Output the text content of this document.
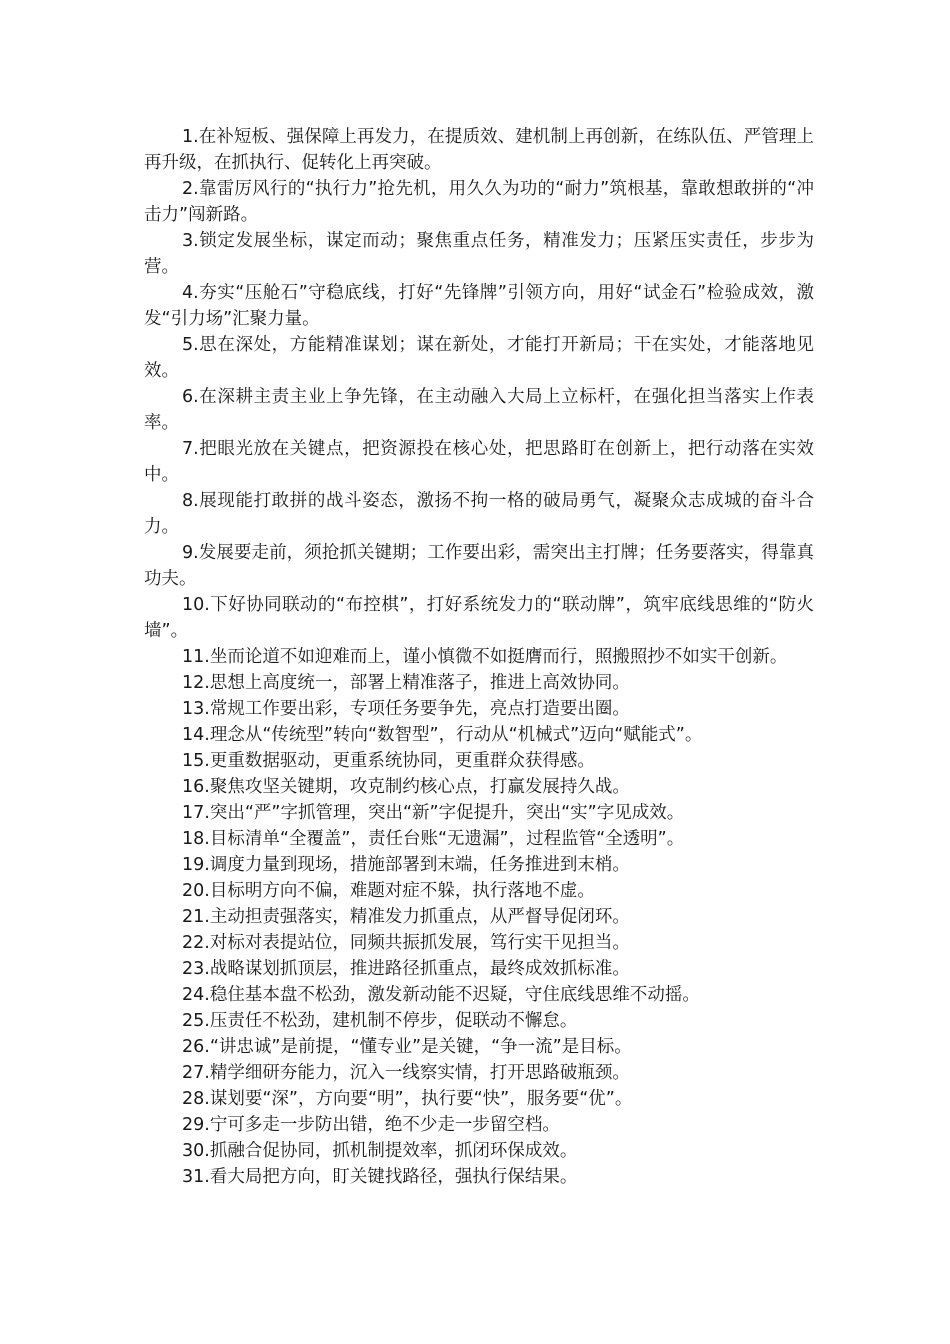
1.在补短板、强保障上再发力，在提质效、建机制上再创新，在练队伍、严管理上再升级，在抓执行、促转化上再突破。

2.靠雷厉风行的“执行力”抢先机，用久久为功的“耐力”筑根基，靠敢想敢拼的“冲击力”闯新路。

3.锁定发展坐标，谋定而动；聚焦重点任务，精准发力；压紧压实责任，步步为营。

4.夯实“压舱石”守稳底线，打好“先锋牌”引领方向，用好“试金石”检验成效，激发“引力场”汇聚力量。

5.思在深处，方能精准谋划；谋在新处，才能打开新局；干在实处，才能落地见效。

6.在深耕主责主业上争先锋，在主动融入大局上立标杆，在强化担当落实上作表率。

7.把眼光放在关键点，把资源投在核心处，把思路盯在创新上，把行动落在实效中。

8.展现能打敢拼的战斗姿态，激扬不拘一格的破局勇气，凝聚众志成城的奋斗合力。

9.发展要走前，须抢抓关键期；工作要出彩，需突出主打牌；任务要落实，得靠真功夫。

10.下好协同联动的“布控棋”，打好系统发力的“联动牌”，筑牢底线思维的“防火墙”。

11.坐而论道不如迎难而上，谨小慎微不如挺膺而行，照搬照抄不如实干创新。

12.思想上高度统一，部署上精准落子，推进上高效协同。

13.常规工作要出彩，专项任务要争先，亮点打造要出圈。

14.理念从“传统型”转向“数智型”，行动从“机械式”迈向“赋能式”。

15.更重数据驱动，更重系统协同，更重群众获得感。

16.聚焦攻坚关键期，攻克制约核心点，打赢发展持久战。

17.突出“严”字抓管理，突出“新”字促提升，突出“实”字见成效。

18.目标清单“全覆盖”，责任台账“无遗漏”，过程监管“全透明”。

19.调度力量到现场，措施部署到末端，任务推进到末梢。

20.目标明方向不偏，难题对症不躲，执行落地不虚。

21.主动担责强落实，精准发力抓重点，从严督导促闭环。

22.对标对表提站位，同频共振抓发展，笃行实干见担当。

23.战略谋划抓顶层，推进路径抓重点，最终成效抓标准。

24.稳住基本盘不松劲，激发新动能不迟疑，守住底线思维不动摇。

25.压责任不松劲，建机制不停步，促联动不懈怠。

26.“讲忠诚”是前提，“懂专业”是关键，“争一流”是目标。

27.精学细研夯能力，沉入一线察实情，打开思路破瓶颈。

28.谋划要“深”，方向要“明”，执行要“快”，服务要“优”。

29.宁可多走一步防出错，绝不少走一步留空档。

30.抓融合促协同，抓机制提效率，抓闭环保成效。

31.看大局把方向，盯关键找路径，强执行保结果。
